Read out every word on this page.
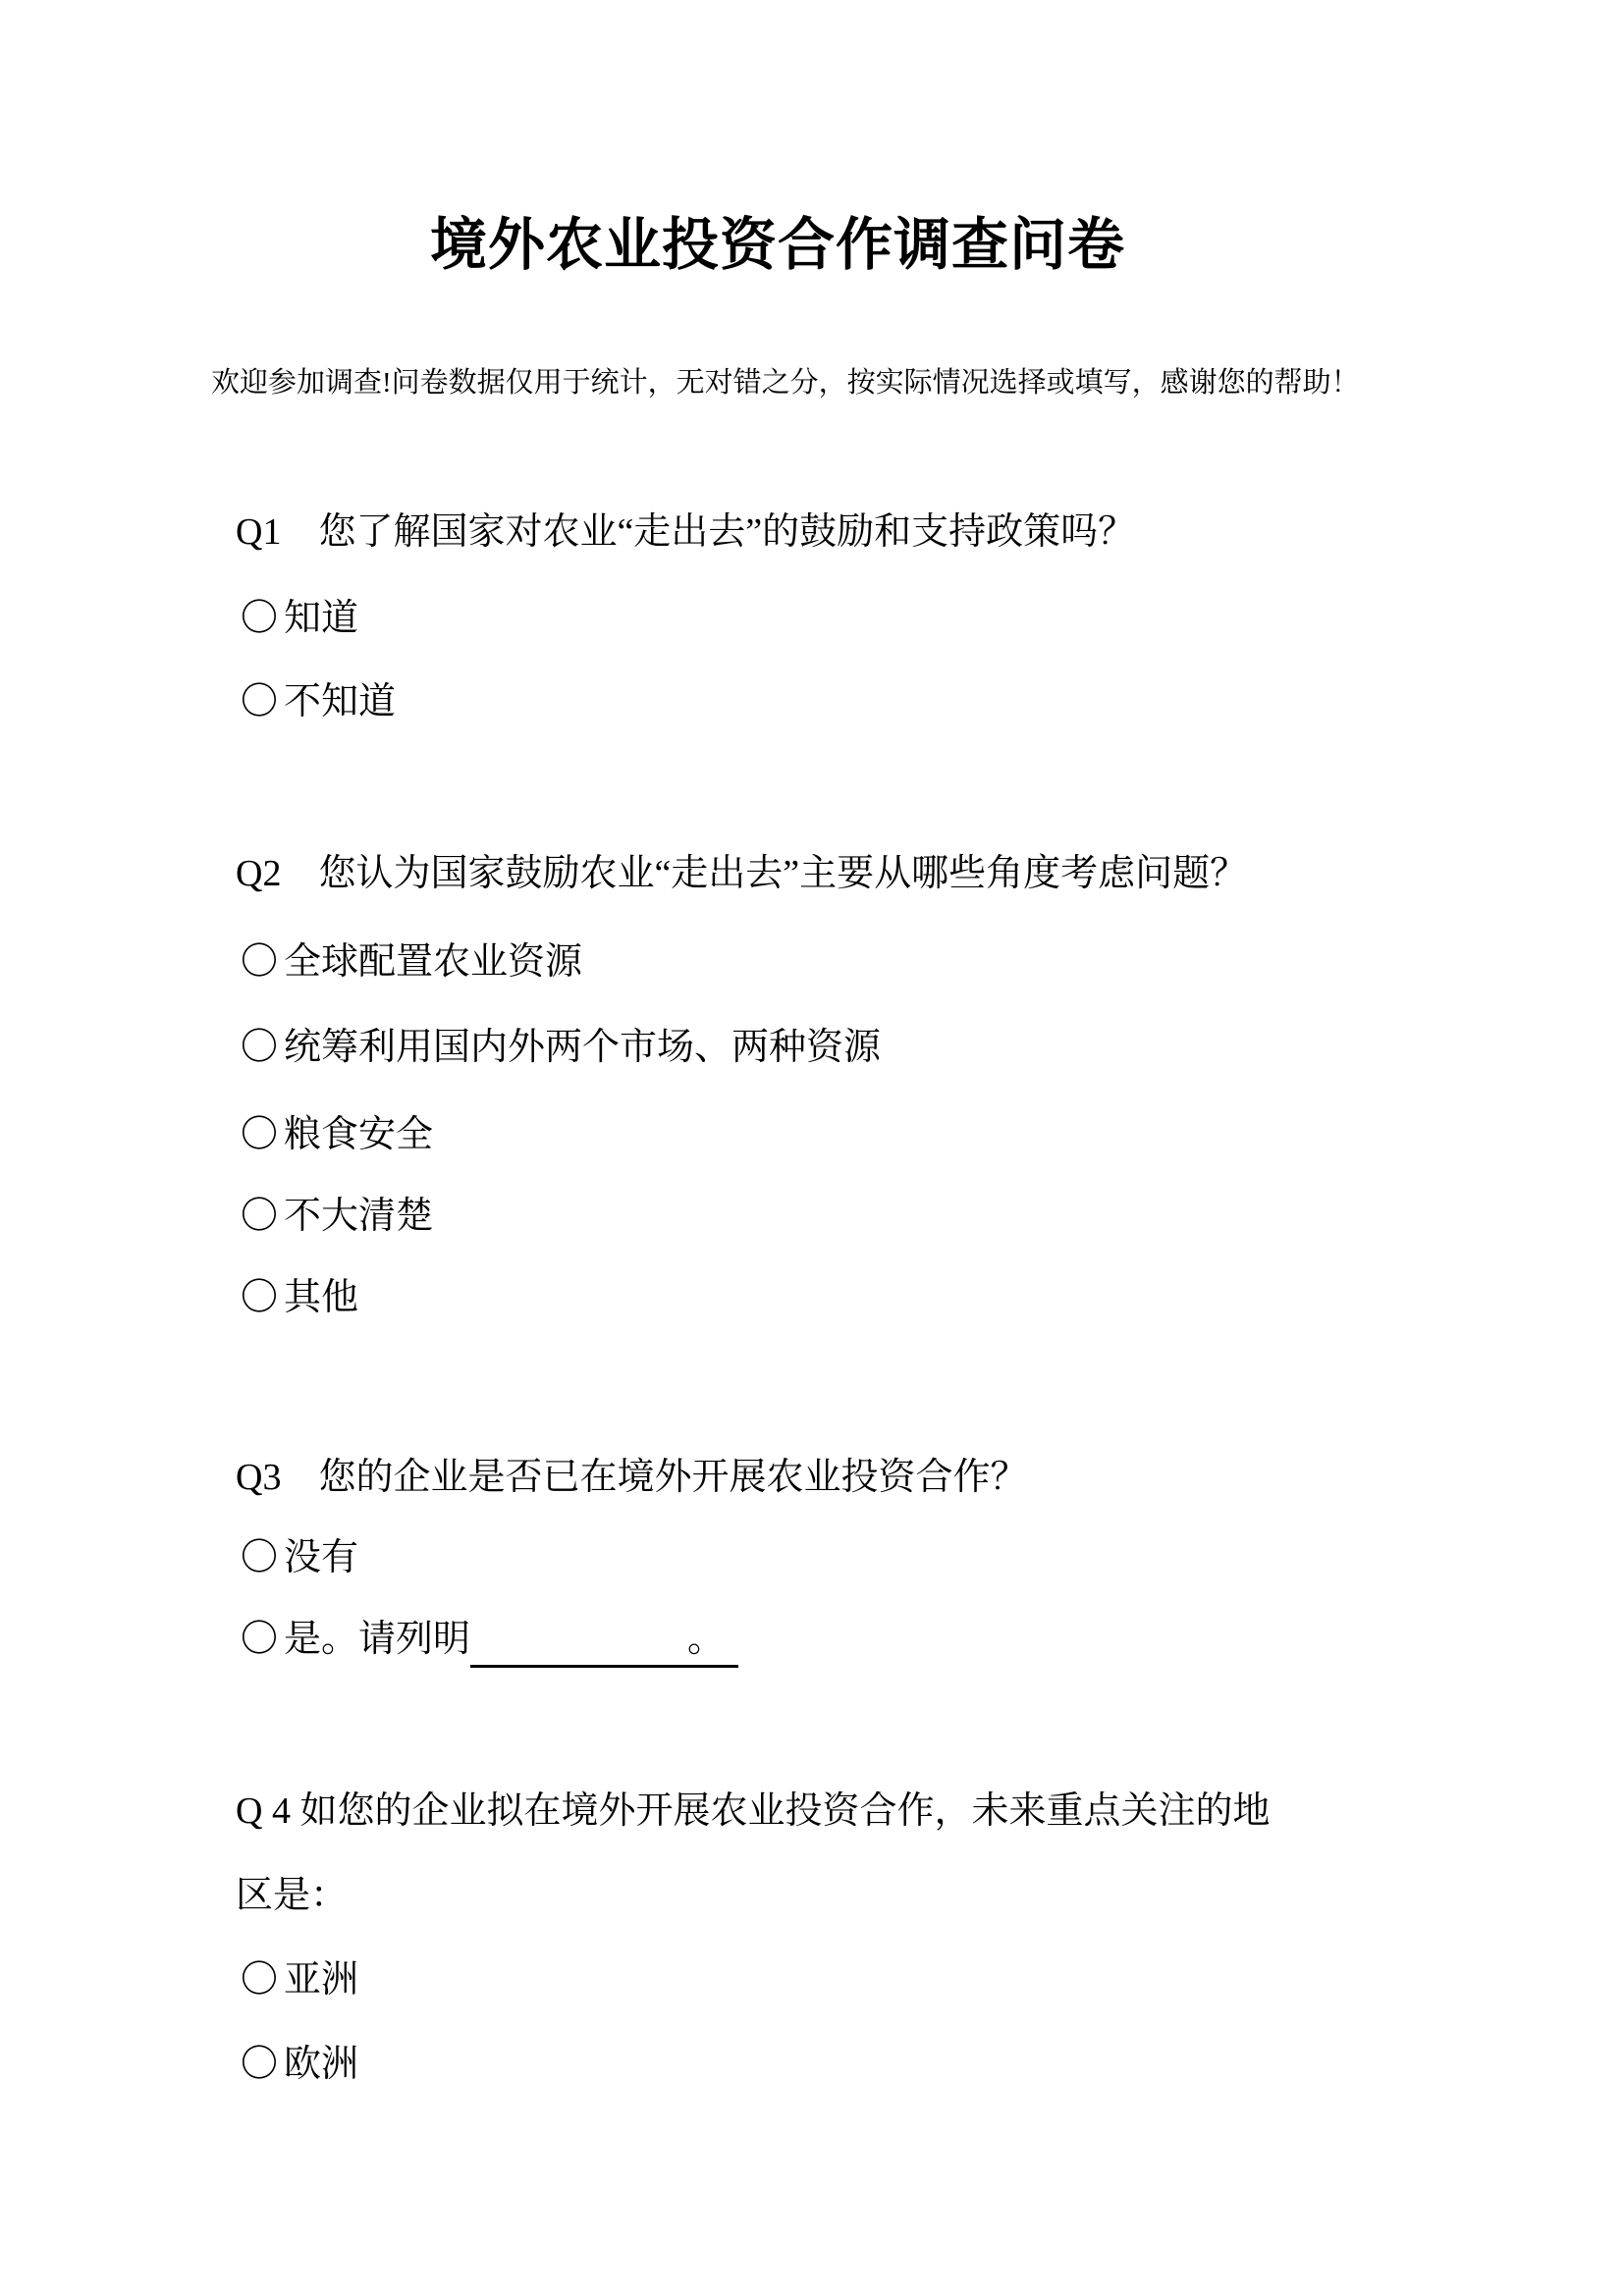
境外农业投资合作调查问卷

欢迎参加调查!问卷数据仅用于统计，无对错之分，按实际情况选择或填写，感谢您的帮助！

Q1　您了解国家对农业“走出去”的鼓励和支持政策吗？
〇 知道
〇 不知道
Q2　您认为国家鼓励农业“走出去”主要从哪些角度考虑问题？
〇 全球配置农业资源
〇 统筹利用国内外两个市场、两种资源
〇 粮食安全
〇 不大清楚
〇 其他
Q3　您的企业是否已在境外开展农业投资合作？
〇 没有
〇 是。请列明	。
Q 4 如您的企业拟在境外开展农业投资合作，未来重点关注的地区是：
〇 亚洲
〇 欧洲
